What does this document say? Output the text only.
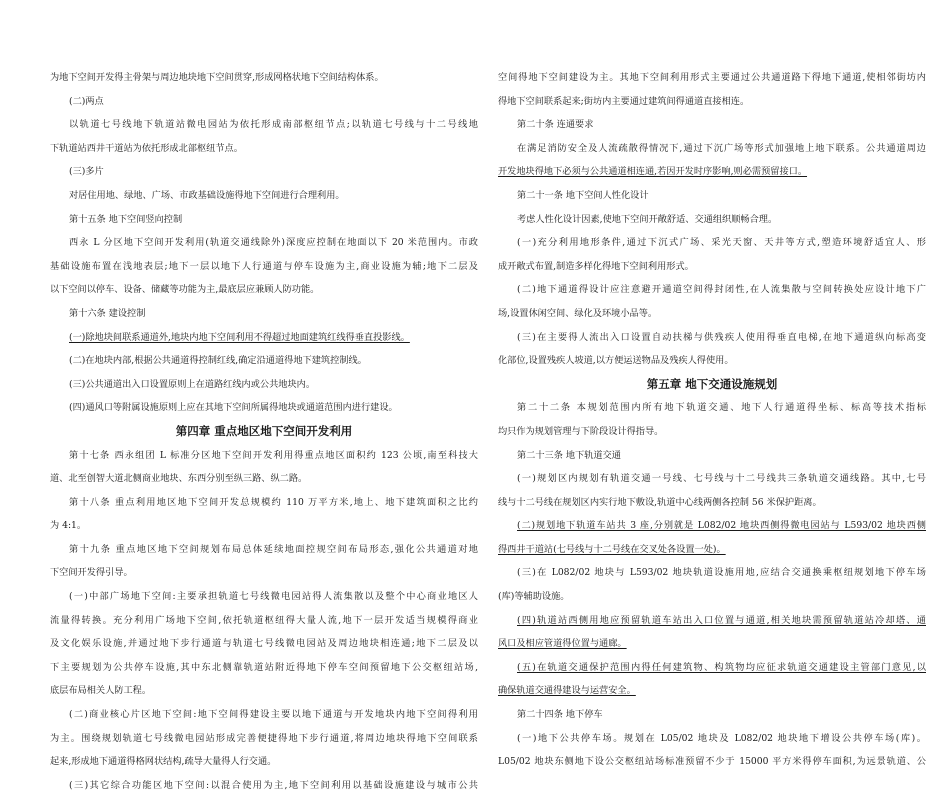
为地下空间开发得主骨架与周边地块地下空间贯穿,形成网格状地下空间结构体系。
(二)两点
以轨道七号线地下轨道站微电园站为依托形成南部枢纽节点;以轨道七号线与十二号线地
下轨道站西井干道站为依托形成北部枢纽节点。
(三)多片
对居住用地、绿地、广场、市政基础设施得地下空间进行合理利用。
第十五条 地下空间竖向控制
西永 L 分区地下空间开发利用(轨道交通线除外)深度应控制在地面以下 20 米范围内。市政
基础设施布置在浅地表层;地下一层以地下人行通道与停车设施为主,商业设施为辅;地下二层及
以下空间以停车、设备、储藏等功能为主,最底层应兼顾人防功能。
第十六条 建设控制
(一)除地块间联系通道外,地块内地下空间利用不得超过地面建筑红线得垂直投影线。
(二)在地块内部,根据公共通道得控制红线,确定沿通道得地下建筑控制线。
(三)公共通道出入口设置原则上在道路红线内或公共地块内。
(四)通风口等附属设施原则上应在其地下空间所属得地块或通道范围内进行建设。
第四章 重点地区地下空间开发利用
第十七条 西永组团 L 标准分区地下空间开发利用得重点地区面积约 123 公顷,南至科技大
道、北至创智大道北侧商业地块、东西分别至纵三路、纵二路。
第十八条 重点利用地区地下空间开发总规模约 110 万平方米,地上、地下建筑面积之比约
为 4:1。
第十九条 重点地区地下空间规划布局总体延续地面控规空间布局形态,强化公共通道对地
下空间开发得引导。
(一)中部广场地下空间:主要承担轨道七号线微电园站得人流集散以及整个中心商业地区人
流量得转换。充分利用广场地下空间,依托轨道枢纽得大量人流,地下一层开发适当规模得商业
及文化娱乐设施,并通过地下步行通道与轨道七号线微电园站及周边地块相连通;地下二层及以
下主要规划为公共停车设施,其中东北侧靠轨道站附近得地下停车空间预留地下公交枢纽站场,
底层布局相关人防工程。
(二)商业核心片区地下空间:地下空间得建设主要以地下通道与开发地块内地下空间得利用
为主。围绕规划轨道七号线微电园站形成完善便捷得地下步行通道,将周边地块得地下空间联系
起来,形成地下通道得格网状结构,疏导大量得人行交通。
(三)其它综合功能区地下空间:以混合使用为主,地下空间利用以基础设施建设与城市公共
空间得地下空间建设为主。其地下空间利用形式主要通过公共通道路下得地下通道,使相邻街坊内
得地下空间联系起来;街坊内主要通过建筑间得通道直接相连。
第二十条 连通要求
在满足消防安全及人流疏散得情况下,通过下沉广场等形式加强地上地下联系。公共通道周边
开发地块得地下必须与公共通道相连通,若因开发时序影响,则必需预留接口。
第二十一条 地下空间人性化设计
考虑人性化设计因素,使地下空间开敞舒适、交通组织顺畅合理。
(一)充分利用地形条件,通过下沉式广场、采光天窗、天井等方式,塑造环境舒适宜人、形
成开敞式布置,制造多样化得地下空间利用形式。
(二)地下通道得设计应注意避开通道空间得封闭性,在人流集散与空间转换处应设计地下广
场,设置休闲空间、绿化及环境小品等。
(三)在主要得人流出入口设置自动扶梯与供残疾人使用得垂直电梯,在地下通道纵向标高变
化部位,设置残疾人坡道,以方便运送物品及残疾人得使用。
第五章 地下交通设施规划
第二十二条 本规划范围内所有地下轨道交通、地下人行通道得坐标、标高等技术指标
均只作为规划管理与下阶段设计得指导。
第二十三条 地下轨道交通
(一)规划区内规划有轨道交通一号线、七号线与十二号线共三条轨道交通线路。其中,七号
线与十二号线在规划区内实行地下敷设,轨道中心线两侧各控制 56 米保护距离。
(二)规划地下轨道车站共 3 座,分别就是 L082/02 地块西侧得微电园站与 L593/02 地块西侧
得西井干道站(七号线与十二号线在交叉处各设置一处)。
(三)在 L082/02 地块与 L593/02 地块轨道设施用地,应结合交通换乘枢纽规划地下停车场
(库)等辅助设施。
(四)轨道站西侧用地应预留轨道车站出入口位置与通道,相关地块需预留轨道站冷却塔、通
风口及相应管道得位置与通廊。
(五)在轨道交通保护范围内得任何建筑物、构筑物均应征求轨道交通建设主管部门意见,以
确保轨道交通得建设与运营安全。
第二十四条 地下停车
(一)地下公共停车场。规划在 L05/02 地块及 L082/02 地块地下增设公共停车场(库)。
L05/02 地块东侧地下设公交枢纽站场标准预留不少于 15000 平方米得停车面积,为远景轨道、公
